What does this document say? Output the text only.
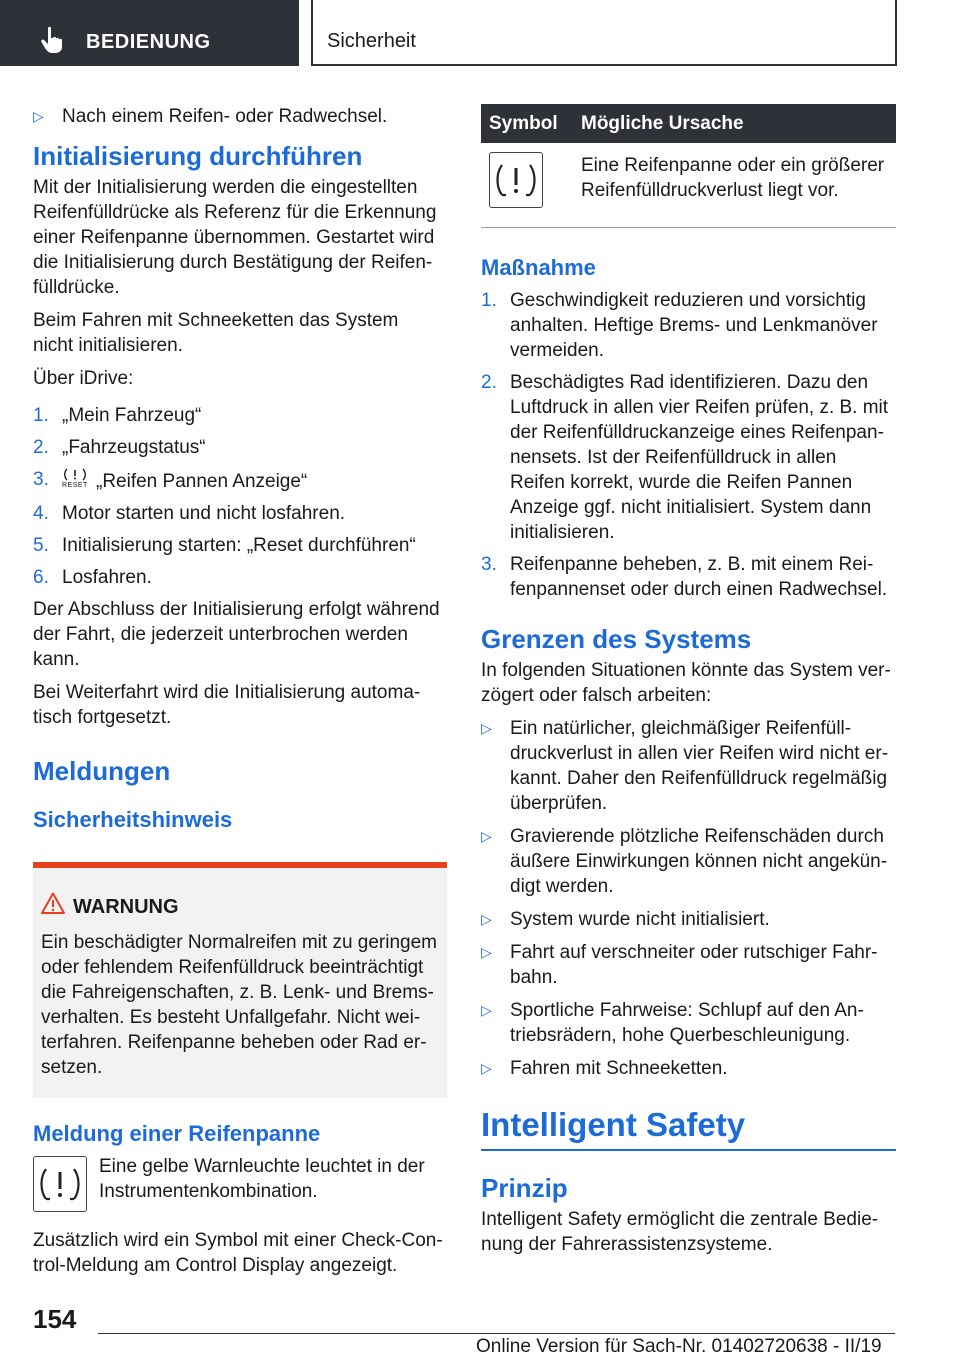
BEDIENUNG	Sicherheit
▷ Nach einem Reifen- oder Radwechsel.
Initialisierung durchführen

Mit der Initialisierung werden die eingestellten Reifenfülldrücke als Referenz für die Erkennung einer Reifenpanne übernommen. Gestartet wird die Initialisierung durch Bestätigung der Reifenfülldrücke.

Beim Fahren mit Schneeketten das System nicht initialisieren.

Über iDrive:

1. „Mein Fahrzeug“
2. „Fahrzeugstatus“
3. RESET „Reifen Pannen Anzeige“
4. Motor starten und nicht losfahren.
5. Initialisierung starten: „Reset durchführen“
6. Losfahren.

Der Abschluss der Initialisierung erfolgt während der Fahrt, die jederzeit unterbrochen werden kann.

Bei Weiterfahrt wird die Initialisierung automatisch fortgesetzt.

Meldungen
Sicherheitshinweis
WARNUNG
Ein beschädigter Normalreifen mit zu geringem oder fehlendem Reifenfülldruck beeinträchtigt die Fahreigenschaften, z. B. Lenk- und Bremsverhalten. Es besteht Unfallgefahr. Nicht weiterfahren. Reifenpanne beheben oder Rad ersetzen.
Meldung einer Reifenpanne
Eine gelbe Warnleuchte leuchtet in der Instrumentenkombination.

Zusätzlich wird ein Symbol mit einer Check-Control-Meldung am Control Display angezeigt.

Symbol	Mögliche Ursache
	Eine Reifenpanne oder ein größerer Reifenfülldruckverlust liegt vor.
Maßnahme
1. Geschwindigkeit reduzieren und vorsichtig anhalten. Heftige Brems- und Lenkmanöver vermeiden.
2. Beschädigtes Rad identifizieren. Dazu den Luftdruck in allen vier Reifen prüfen, z. B. mit der Reifenfülldruckanzeige eines Reifenpannensets. Ist der Reifenfülldruck in allen Reifen korrekt, wurde die Reifen Pannen Anzeige ggf. nicht initialisiert. System dann initialisieren.
3. Reifenpanne beheben, z. B. mit einem Reifenpannenset oder durch einen Radwechsel.
Grenzen des Systems

In folgenden Situationen könnte das System verzögert oder falsch arbeiten:

▷ Ein natürlicher, gleichmäßiger Reifenfülldruckverlust in allen vier Reifen wird nicht erkannt. Daher den Reifenfülldruck regelmäßig überprüfen.
▷ Gravierende plötzliche Reifenschäden durch äußere Einwirkungen können nicht angekündigt werden.
▷ System wurde nicht initialisiert.
▷ Fahrt auf verschneiter oder rutschiger Fahrbahn.
▷ Sportliche Fahrweise: Schlupf auf den Antriebsrädern, hohe Querbeschleunigung.
▷ Fahren mit Schneeketten.
Intelligent Safety
Prinzip

Intelligent Safety ermöglicht die zentrale Bedienung der Fahrerassistenzsysteme.

154
Online Version für Sach-Nr. 01402720638 - II/19
